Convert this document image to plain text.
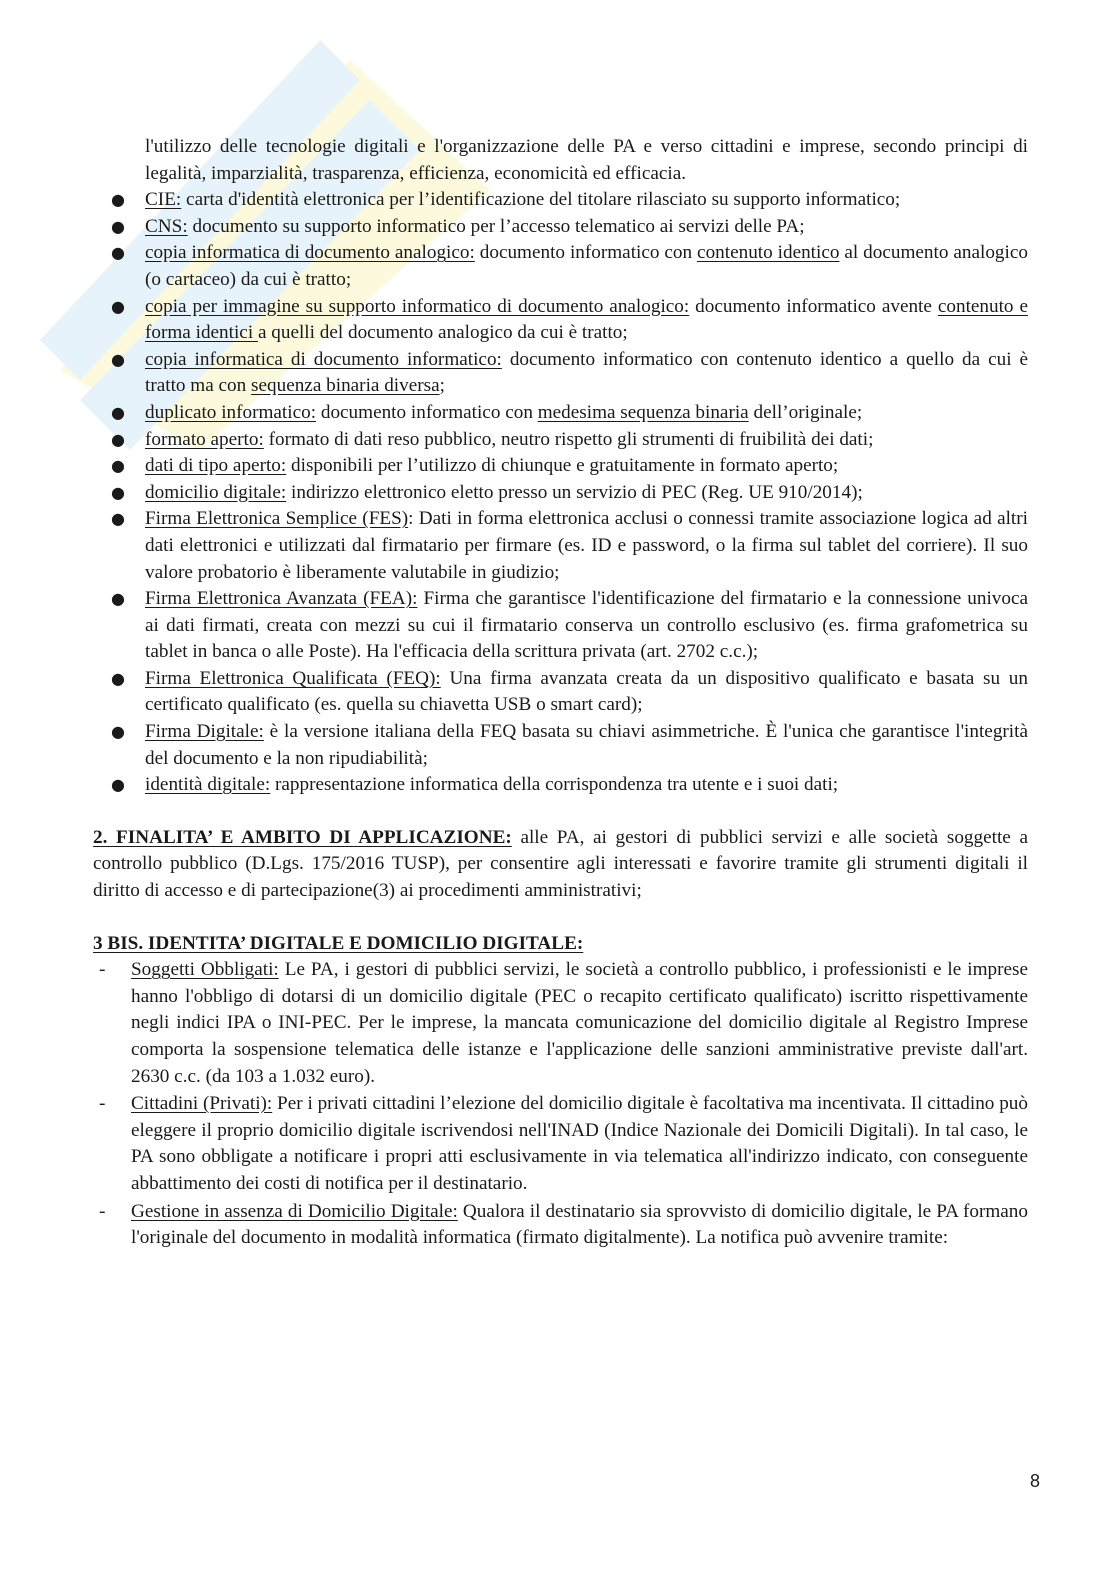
l'utilizzo delle tecnologie digitali e l'organizzazione delle PA e verso cittadini e imprese, secondo principi di legalità, imparzialità, trasparenza, efficienza, economicità ed efficacia.
● CIE: carta d'identità elettronica per l’identificazione del titolare rilasciato su supporto informatico;
● CNS: documento su supporto informatico per l’accesso telematico ai servizi delle PA;
● copia informatica di documento analogico: documento informatico con contenuto identico al documento analogico (o cartaceo) da cui è tratto;
● copia per immagine su supporto informatico di documento analogico: documento informatico avente contenuto e forma identici a quelli del documento analogico da cui è tratto;
● copia informatica di documento informatico: documento informatico con contenuto identico a quello da cui è tratto ma con sequenza binaria diversa;
● duplicato informatico: documento informatico con medesima sequenza binaria dell’originale;
● formato aperto: formato di dati reso pubblico, neutro rispetto gli strumenti di fruibilità dei dati;
● dati di tipo aperto: disponibili per l’utilizzo di chiunque e gratuitamente in formato aperto;
● domicilio digitale: indirizzo elettronico eletto presso un servizio di PEC (Reg. UE 910/2014);
● Firma Elettronica Semplice (FES): Dati in forma elettronica acclusi o connessi tramite associazione logica ad altri dati elettronici e utilizzati dal firmatario per firmare (es. ID e password, o la firma sul tablet del corriere). Il suo valore probatorio è liberamente valutabile in giudizio;
● Firma Elettronica Avanzata (FEA): Firma che garantisce l'identificazione del firmatario e la connessione univoca ai dati firmati, creata con mezzi su cui il firmatario conserva un controllo esclusivo (es. firma grafometrica su tablet in banca o alle Poste). Ha l'efficacia della scrittura privata (art. 2702 c.c.);
● Firma Elettronica Qualificata (FEQ): Una firma avanzata creata da un dispositivo qualificato e basata su un certificato qualificato (es. quella su chiavetta USB o smart card);
● Firma Digitale: è la versione italiana della FEQ basata su chiavi asimmetriche. È l'unica che garantisce l'integrità del documento e la non ripudiabilità;
● identità digitale: rappresentazione informatica della corrispondenza tra utente e i suoi dati;
2. FINALITA’ E AMBITO DI APPLICAZIONE: alle PA, ai gestori di pubblici servizi e alle società soggette a controllo pubblico (D.Lgs. 175/2016 TUSP), per consentire agli interessati e favorire tramite gli strumenti digitali il diritto di accesso e di partecipazione(3) ai procedimenti amministrativi;
3 BIS. IDENTITA’ DIGITALE E DOMICILIO DIGITALE:
- Soggetti Obbligati: Le PA, i gestori di pubblici servizi, le società a controllo pubblico, i professionisti e le imprese hanno l'obbligo di dotarsi di un domicilio digitale (PEC o recapito certificato qualificato) iscritto rispettivamente negli indici IPA o INI-PEC. Per le imprese, la mancata comunicazione del domicilio digitale al Registro Imprese comporta la sospensione telematica delle istanze e l'applicazione delle sanzioni amministrative previste dall'art. 2630 c.c. (da 103 a 1.032 euro).
- Cittadini (Privati): Per i privati cittadini l’elezione del domicilio digitale è facoltativa ma incentivata. Il cittadino può eleggere il proprio domicilio digitale iscrivendosi nell'INAD (Indice Nazionale dei Domicili Digitali). In tal caso, le PA sono obbligate a notificare i propri atti esclusivamente in via telematica all'indirizzo indicato, con conseguente abbattimento dei costi di notifica per il destinatario.
- Gestione in assenza di Domicilio Digitale: Qualora il destinatario sia sprovvisto di domicilio digitale, le PA formano l'originale del documento in modalità informatica (firmato digitalmente). La notifica può avvenire tramite:
8
